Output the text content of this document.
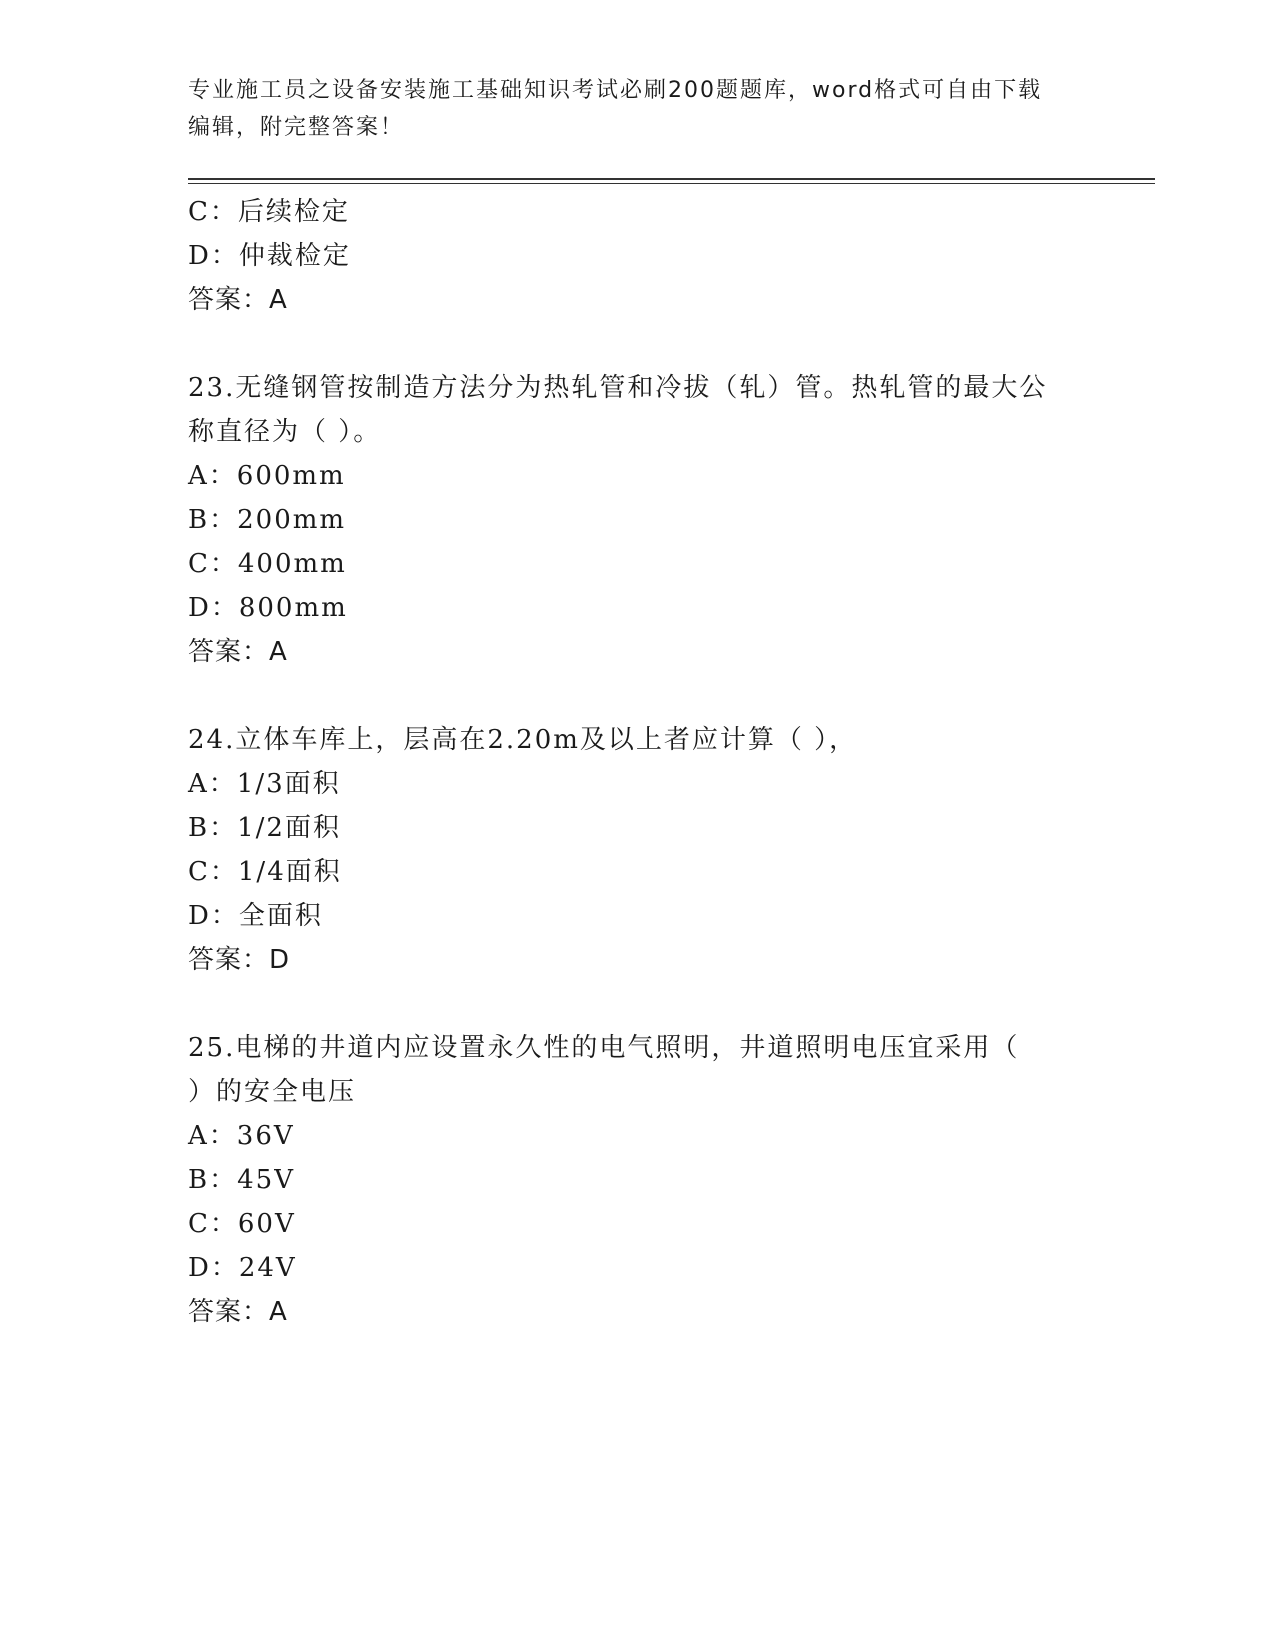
专业施工员之设备安装施工基础知识考试必刷200题题库，word格式可自由下载
编辑，附完整答案！
C：后续检定
D：仲裁检定
答案：A
23.无缝钢管按制造方法分为热轧管和冷拔（轧）管。热轧管的最大公
称直径为（ ）。
A：600mm
B：200mm
C：400mm
D：800mm
答案：A
24.立体车库上，层高在2.20m及以上者应计算（ ），
A：1/3面积
B：1/2面积
C：1/4面积
D：全面积
答案：D
25.电梯的井道内应设置永久性的电气照明，井道照明电压宜采用（
）的安全电压
A：36V
B：45V
C：60V
D：24V
答案：A
